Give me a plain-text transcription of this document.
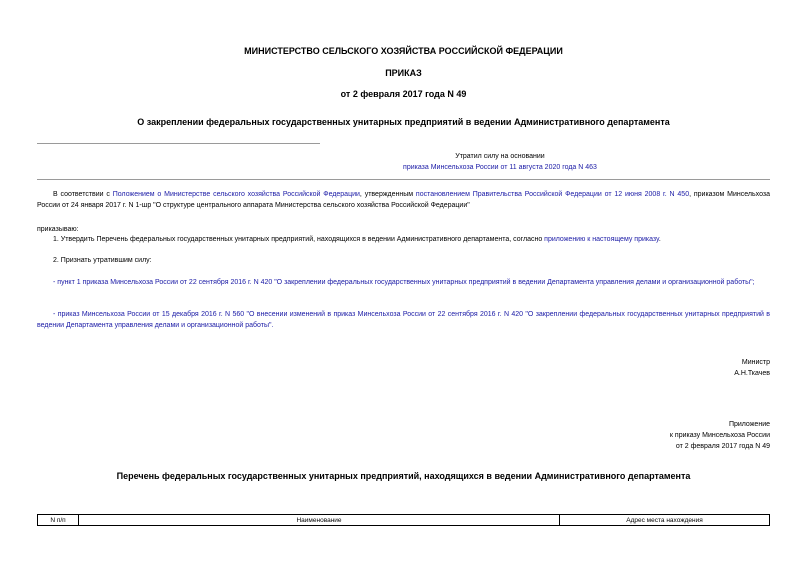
МИНИСТЕРСТВО СЕЛЬСКОГО ХОЗЯЙСТВА РОССИЙСКОЙ ФЕДЕРАЦИИ
ПРИКАЗ
от 2 февраля 2017 года N 49
О закреплении федеральных государственных унитарных предприятий в ведении Административного департамента
Утратил силу на основании
приказа Минсельхоза России от 11 августа 2020 года N 463
В соответствии с Положением о Министерстве сельского хозяйства Российской Федерации, утвержденным постановлением Правительства Российской Федерации от 12 июня 2008 г. N 450, приказом Минсельхоза России от 24 января 2017 г. N 1-шр "О структуре центрального аппарата Министерства сельского хозяйства Российской Федерации"
приказываю:
1. Утвердить Перечень федеральных государственных унитарных предприятий, находящихся в ведении Административного департамента, согласно приложению к настоящему приказу.
2. Признать утратившим силу:
- пункт 1 приказа Минсельхоза России от 22 сентября 2016 г. N 420 "О закреплении федеральных государственных унитарных предприятий в ведении Департамента управления делами и организационной работы";
- приказ Минсельхоза России от 15 декабря 2016 г. N 560 "О внесении изменений в приказ Минсельхоза России от 22 сентября 2016 г. N 420 "О закреплении федеральных государственных унитарных предприятий в ведении Департамента управления делами и организационной работы".
Министр
А.Н.Ткачев
Приложение
к приказу Минсельхоза России
от 2 февраля 2017 года N 49
Перечень федеральных государственных унитарных предприятий, находящихся в ведении Административного департамента
N п/п	Наименование	Адрес места нахождения
